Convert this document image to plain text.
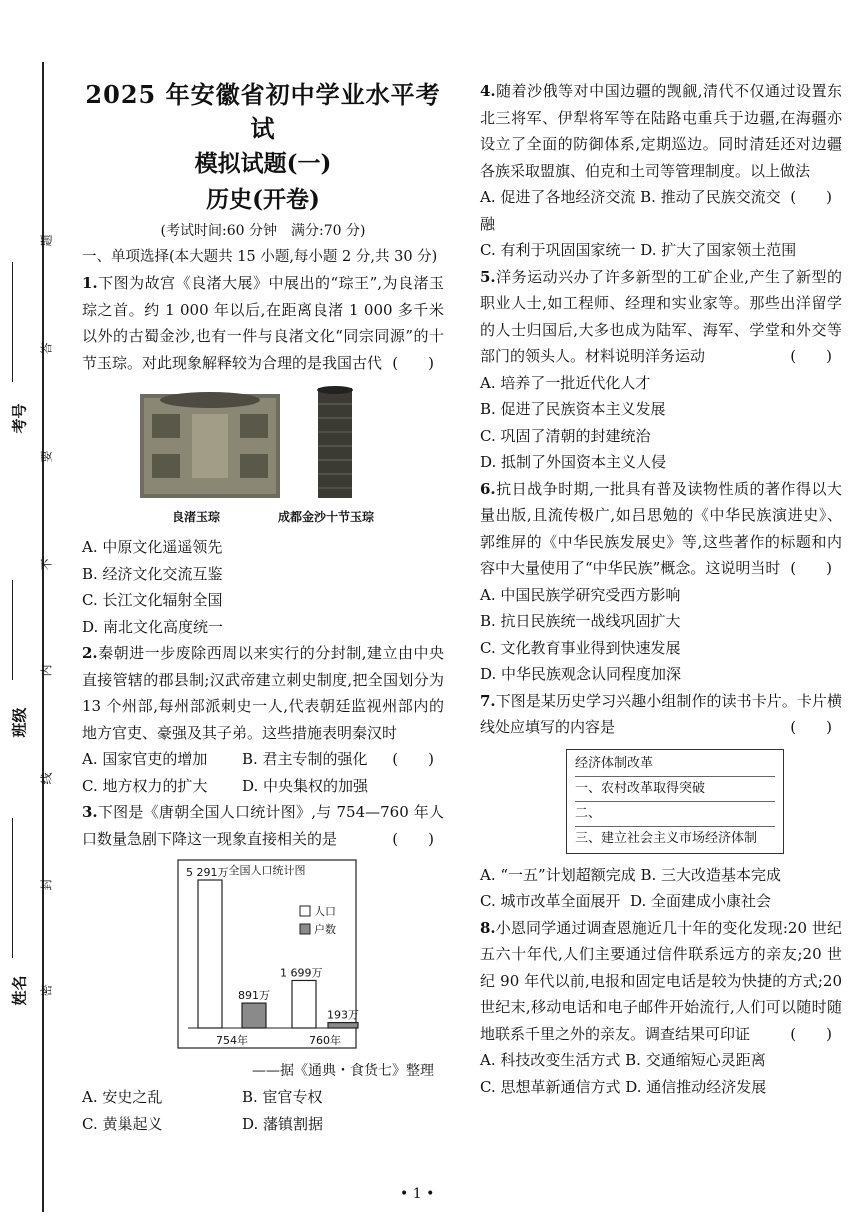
题
答
要
不
内
线
封
密
考号
班级
姓名
2025 年安徽省初中学业水平考试
模拟试题(一)
历史(开卷)
(考试时间:60 分钟　满分:70 分)
一、单项选择(本大题共 15 小题,每小题 2 分,共 30 分)
1.下图为故宫《良渚大展》中展出的“琮王”,为良渚玉琮之首。约 1 000 年以后,在距离良渚 1 000 多千米以外的古蜀金沙,也有一件与良渚文化“同宗同源”的十节玉琮。对此现象解释较为合理的是我国古代 (　　)
良渚玉琮	成都金沙十节玉琮
A. 中原文化遥遥领先
B. 经济文化交流互鉴
C. 长江文化辐射全国
D. 南北文化高度统一
2.秦朝进一步废除西周以来实行的分封制,建立由中央直接管辖的郡县制;汉武帝建立刺史制度,把全国划分为 13 个州部,每州部派刺史一人,代表朝廷监视州部内的地方官吏、豪强及其子弟。这些措施表明秦汉时
(　　)
A. 国家官吏的增加	B. 君主专制的强化
C. 地方权力的扩大	D. 中央集权的加强
3.下图是《唐朝全国人口统计图》,与 754—760 年人口数量急剧下降这一现象直接相关的是	(　　)
全国人口统计图
5 291万
891万
754年
1 699万
193万
760年
人口
户数
——据《通典・食货七》整理
A. 安史之乱	B. 宦官专权
C. 黄巢起义	D. 藩镇割据
4.随着沙俄等对中国边疆的觊觎,清代不仅通过设置东北三将军、伊犁将军等在陆路屯重兵于边疆,在海疆亦设立了全面的防御体系,定期巡边。同时清廷还对边疆各族采取盟旗、伯克和土司等管理制度。以上做法
(　　)
A. 促进了各地经济交流 B. 推动了民族交流交融
C. 有利于巩固国家统一 D. 扩大了国家领土范围
5.洋务运动兴办了许多新型的工矿企业,产生了新型的职业人士,如工程师、经理和实业家等。那些出洋留学的人士归国后,大多也成为陆军、海军、学堂和外交等部门的领头人。材料说明洋务运动	(　　)
A. 培养了一批近代化人才
B. 促进了民族资本主义发展
C. 巩固了清朝的封建统治
D. 抵制了外国资本主义人侵
6.抗日战争时期,一批具有普及读物性质的著作得以大量出版,且流传极广,如吕思勉的《中华民族演进史》、郭维屏的《中华民族发展史》等,这些著作的标题和内容中大量使用了“中华民族”概念。这说明当时 (　　)
A. 中国民族学研究受西方影响
B. 抗日民族统一战线巩固扩大
C. 文化教育事业得到快速发展
D. 中华民族观念认同程度加深
7.下图是某历史学习兴趣小组制作的读书卡片。卡片横线处应填写的内容是	(　　)
经济体制改革
一、农村改革取得突破
二、
三、建立社会主义市场经济体制
A. “一五”计划超额完成 B. 三大改造基本完成
C. 城市改革全面展开 D. 全面建成小康社会
8.小恩同学通过调查恩施近几十年的变化发现:20 世纪五六十年代,人们主要通过信件联系远方的亲友;20 世纪 90 年代以前,电报和固定电话是较为快捷的方式;20 世纪末,移动电话和电子邮件开始流行,人们可以随时随地联系千里之外的亲友。调查结果可印证	(　　)
A. 科技改变生活方式 B. 交通缩短心灵距离
C. 思想革新通信方式 D. 通信推动经济发展
• 1 •
